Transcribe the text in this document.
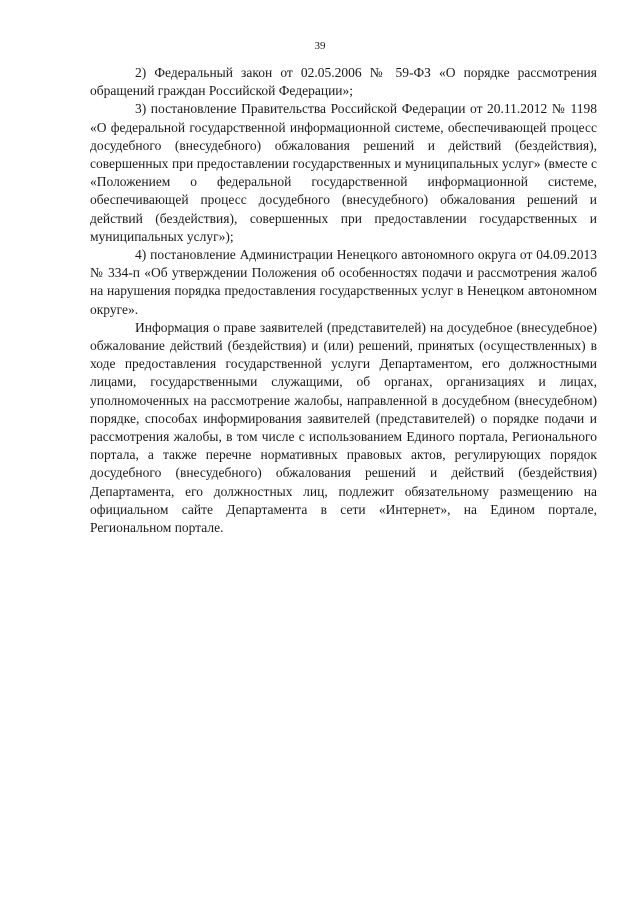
39

2) Федеральный закон от 02.05.2006 № 59-ФЗ «О порядке рассмотрения обращений граждан Российской Федерации»;

3) постановление Правительства Российской Федерации от 20.11.2012 № 1198 «О федеральной государственной информационной системе, обеспечивающей процесс досудебного (внесудебного) обжалования решений и действий (бездействия), совершенных при предоставлении государственных и муниципальных услуг» (вместе с «Положением о федеральной государственной информационной системе, обеспечивающей процесс досудебного (внесудебного) обжалования решений и действий (бездействия), совершенных при предоставлении государственных и муниципальных услуг»);

4) постановление Администрации Ненецкого автономного округа от 04.09.2013 № 334-п «Об утверждении Положения об особенностях подачи и рассмотрения жалоб на нарушения порядка предоставления государственных услуг в Ненецком автономном округе».

Информация о праве заявителей (представителей) на досудебное (внесудебное) обжалование действий (бездействия) и (или) решений, принятых (осуществленных) в ходе предоставления государственной услуги Департаментом, его должностными лицами, государственными служащими, об органах, организациях и лицах, уполномоченных на рассмотрение жалобы, направленной в досудебном (внесудебном) порядке, способах информирования заявителей (представителей) о порядке подачи и рассмотрения жалобы, в том числе с использованием Единого портала, Регионального портала, а также перечне нормативных правовых актов, регулирующих порядок досудебного (внесудебного) обжалования решений и действий (бездействия) Департамента, его должностных лиц, подлежит обязательному размещению на официальном сайте Департамента в сети «Интернет», на Едином портале, Региональном портале.
